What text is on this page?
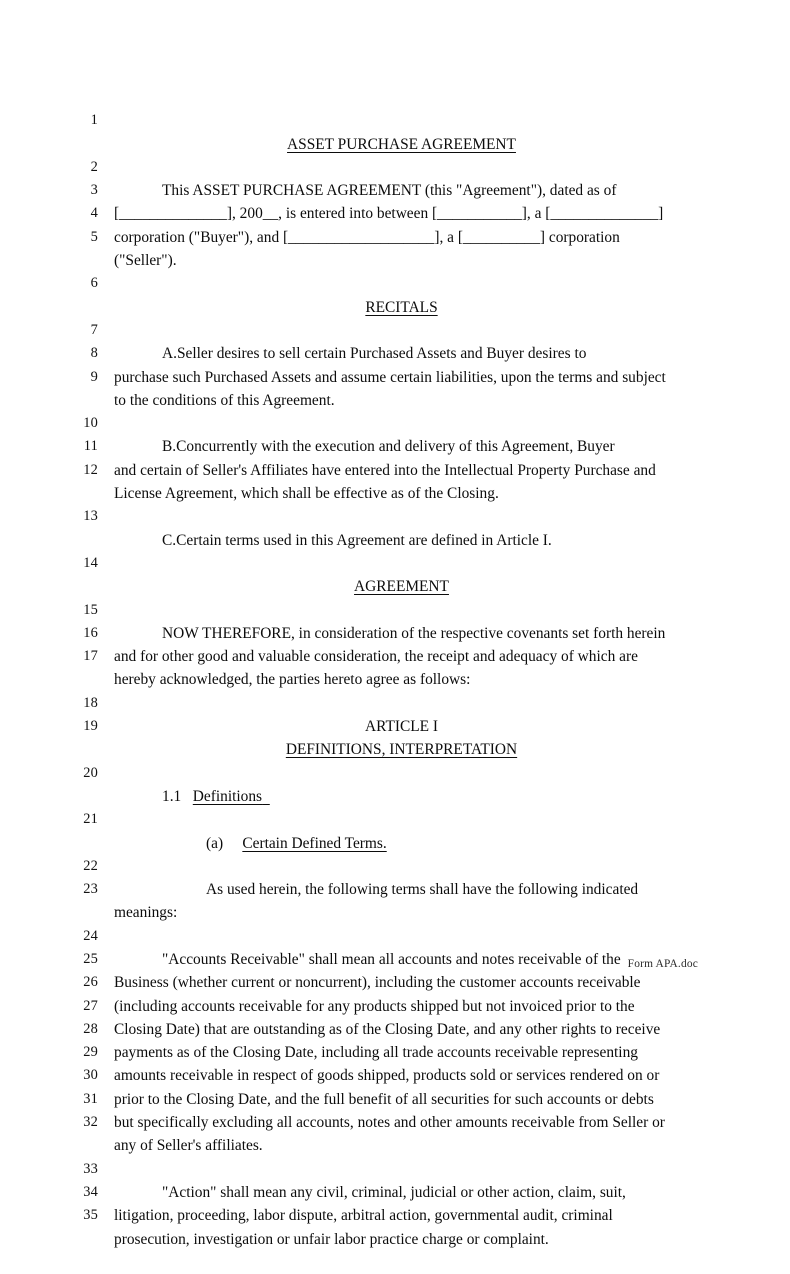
1

ASSET PURCHASE AGREEMENT

2

This ASSET PURCHASE AGREEMENT (this "Agreement"), dated as of

3

[______________], 200__, is entered into between [___________], a [______________]

4

corporation ("Buyer"), and [___________________], a [__________] corporation

5

("Seller").

6

RECITALS

7

A.Seller desires to sell certain Purchased Assets and Buyer desires to

8

purchase such Purchased Assets and assume certain liabilities, upon the terms and subject

9

to the conditions of this Agreement.

10

B.Concurrently with the execution and delivery of this Agreement, Buyer

11

and certain of Seller's Affiliates have entered into the Intellectual Property Purchase and

12

License Agreement, which shall be effective as of the Closing.

13

C.Certain terms used in this Agreement are defined in Article I.

14

AGREEMENT

15

NOW THEREFORE, in consideration of the respective covenants set forth herein

16

and for other good and valuable consideration, the receipt and adequacy of which are

17

hereby acknowledged, the parties hereto agree as follows:

18

ARTICLE I

19

DEFINITIONS, INTERPRETATION

20

1.1 Definitions

21

(a) Certain Defined Terms.

22

As used herein, the following terms shall have the following indicated

23

meanings:

24

"Accounts Receivable" shall mean all accounts and notes receivable of the

25

Business (whether current or noncurrent), including the customer accounts receivable

26

(including accounts receivable for any products shipped but not invoiced prior to the

27

Closing Date) that are outstanding as of the Closing Date, and any other rights to receive

28

payments as of the Closing Date, including all trade accounts receivable representing

29

amounts receivable in respect of goods shipped, products sold or services rendered on or

30

prior to the Closing Date, and the full benefit of all securities for such accounts or debts

31

but specifically excluding all accounts, notes and other amounts receivable from Seller or

32

any of Seller's affiliates.

33

"Action" shall mean any civil, criminal, judicial or other action, claim, suit,

34

litigation, proceeding, labor dispute, arbitral action, governmental audit, criminal

35

prosecution, investigation or unfair labor practice charge or complaint.

Form APA.doc
